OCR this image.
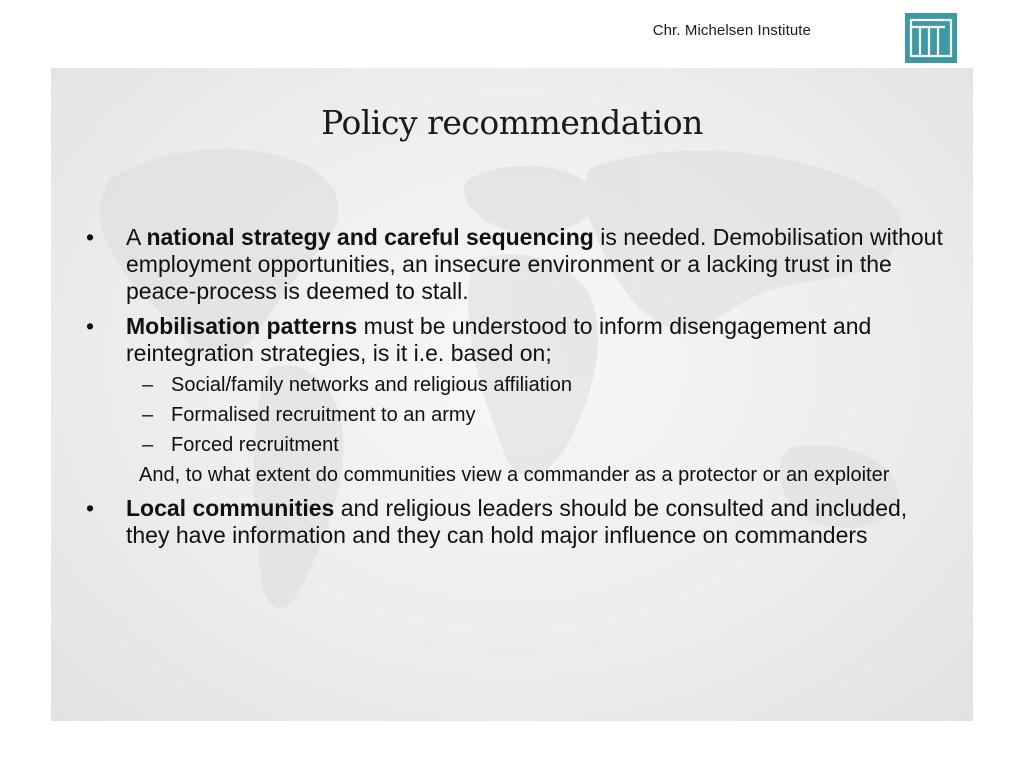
Chr. Michelsen Institute
Policy recommendation
• A national strategy and careful sequencing is needed. Demobilisation without employment opportunities, an insecure environment or a lacking trust in the peace-process is deemed to stall.
• Mobilisation patterns must be understood to inform disengagement and reintegration strategies, is it i.e. based on;
– Social/family networks and religious affiliation
– Formalised recruitment to an army
– Forced recruitment
And, to what extent do communities view a commander as a protector or an exploiter
• Local communities and religious leaders should be consulted and included, they have information and they can hold major influence on commanders
